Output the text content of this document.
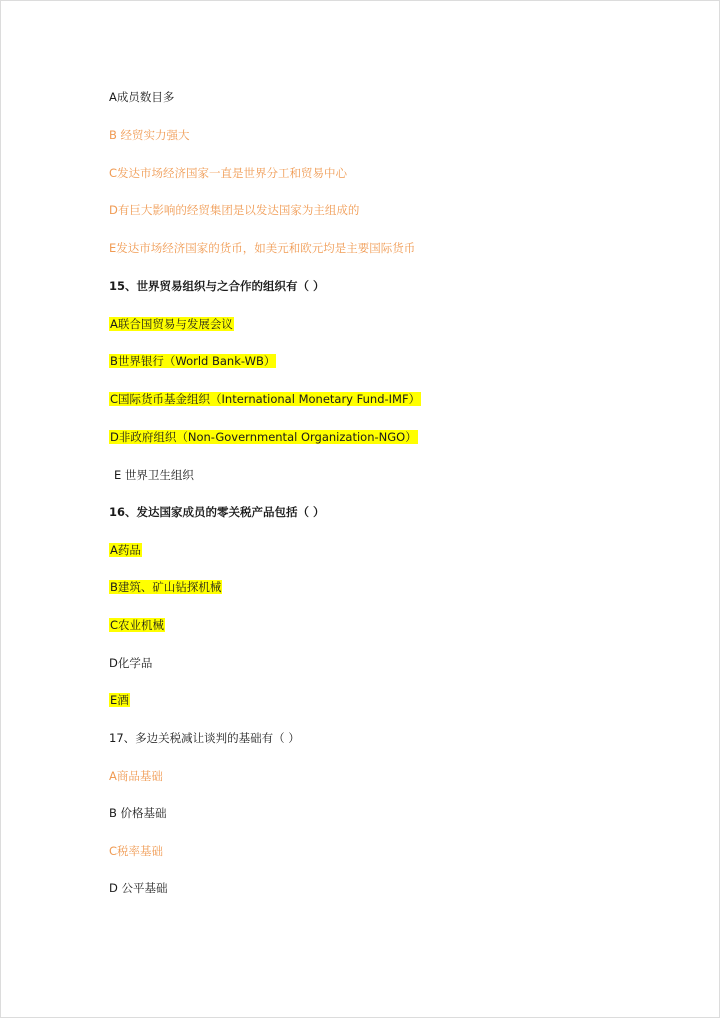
A成员数目多
B 经贸实力强大
C发达市场经济国家一直是世界分工和贸易中心
D有巨大影响的经贸集团是以发达国家为主组成的
E发达市场经济国家的货币，如美元和欧元均是主要国际货币
15、世界贸易组织与之合作的组织有（ ）
A联合国贸易与发展会议
B世界银行（World Bank-WB）
C国际货币基金组织（International Monetary Fund-IMF）
D非政府组织（Non-Governmental Organization-NGO）
E 世界卫生组织
16、发达国家成员的零关税产品包括（ ）
A药品
B建筑、矿山钻探机械
C农业机械
D化学品
E酒
17、多边关税减让谈判的基础有（ ）
A商品基础
B 价格基础
C税率基础
D 公平基础
